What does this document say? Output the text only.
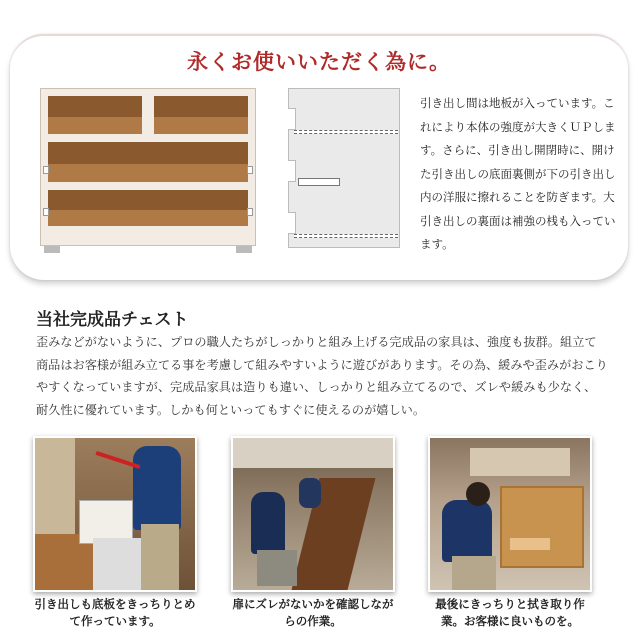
永くお使いいただく為に。
引き出し間は地板が入っています。これにより本体の強度が大きくＵＰします。さらに、引き出し開閉時に、開けた引き出しの底面裏側が下の引き出し内の洋服に擦れることを防ぎます。大引き出しの裏面は補強の桟も入っています。
当社完成品チェスト
歪みなどがないように、プロの職人たちがしっかりと組み上げる完成品の家具は、強度も抜群。組立て商品はお客様が組み立てる事を考慮して組みやすいように遊びがあります。その為、緩みや歪みがおこりやすくなっていますが、完成品家具は造りも違い、しっかりと組み立てるので、ズレや緩みも少なく、耐久性に優れています。しかも何といってもすぐに使えるのが嬉しい。
引き出しも底板をきっちりとめて作っています。
扉にズレがないかを確認しながらの作業。
最後にきっちりと拭き取り作業。お客様に良いものを。
